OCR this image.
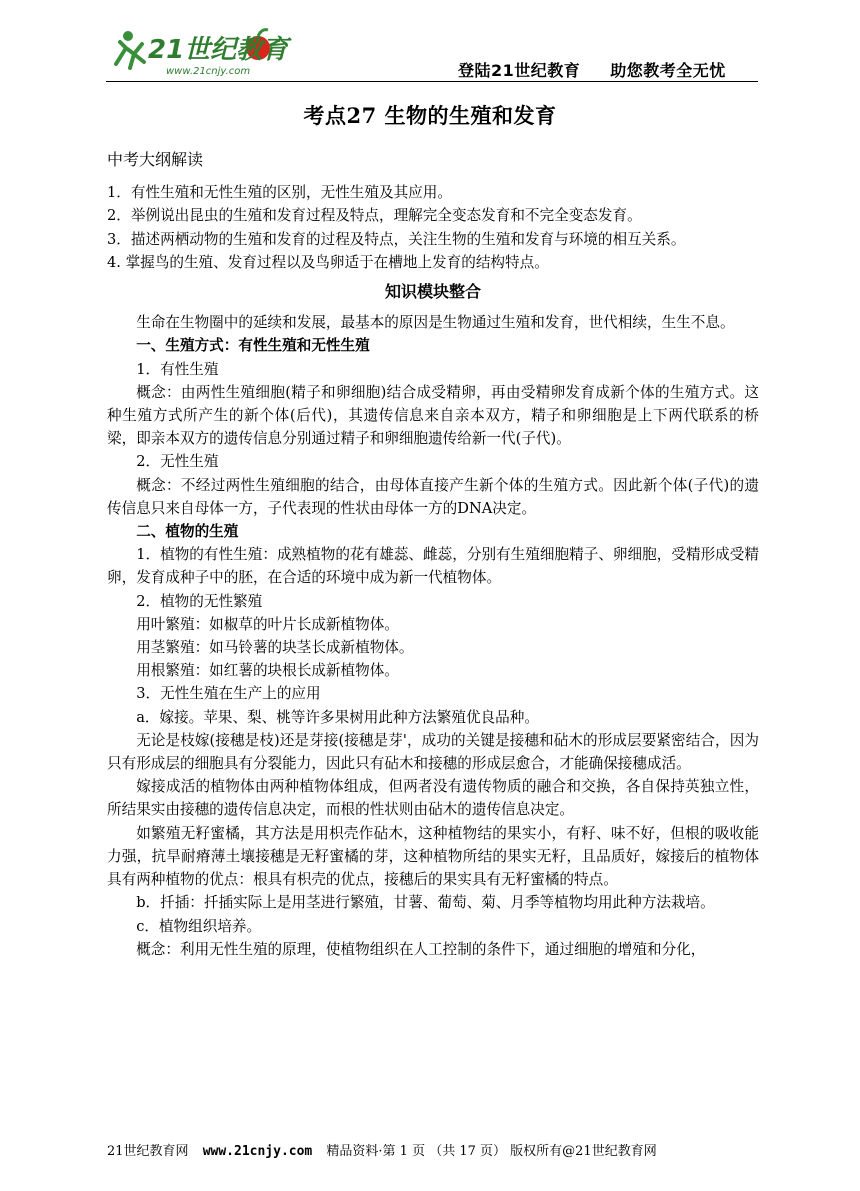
21世纪教育
www.21cnjy.com	登陆21世纪教育 助您教考全无忧
考点27 生物的生殖和发育
中考大纲解读

1．有性生殖和无性生殖的区别，无性生殖及其应用。

2．举例说出昆虫的生殖和发育过程及特点，理解完全变态发育和不完全变态发育。

3．描述两栖动物的生殖和发育的过程及特点，关注生物的生殖和发育与环境的相互关系。

4. 掌握鸟的生殖、发育过程以及鸟卵适于在槽地上发育的结构特点。

知识模块整合

生命在生物圈中的延续和发展，最基本的原因是生物通过生殖和发育，世代相续，生生不息。

一、生殖方式：有性生殖和无性生殖

1．有性生殖

概念：由两性生殖细胞(精子和卵细胞)结合成受精卵，再由受精卵发育成新个体的生殖方式。这种生殖方式所产生的新个体(后代)，其遗传信息来自亲本双方，精子和卵细胞是上下两代联系的桥梁，即亲本双方的遗传信息分别通过精子和卵细胞遗传给新一代(子代)。

2．无性生殖

概念：不经过两性生殖细胞的结合，由母体直接产生新个体的生殖方式。因此新个体(子代)的遗传信息只来自母体一方，子代表现的性状由母体一方的DNA决定。

二、植物的生殖

1．植物的有性生殖：成熟植物的花有雄蕊、雌蕊，分别有生殖细胞精子、卵细胞，受精形成受精卵，发育成种子中的胚，在合适的环境中成为新一代植物体。

2．植物的无性繁殖

用叶繁殖：如椒草的叶片长成新植物体。

用茎繁殖：如马铃薯的块茎长成新植物体。

用根繁殖：如红薯的块根长成新植物体。

3．无性生殖在生产上的应用

a．嫁接。苹果、梨、桃等许多果树用此种方法繁殖优良品种。

无论是枝嫁(接穗是枝)还是芽接(接穗是芽'，成功的关键是接穗和砧木的形成层要紧密结合，因为只有形成层的细胞具有分裂能力，因此只有砧木和接穗的形成层愈合，才能确保接穗成活。

嫁接成活的植物体由两种植物体组成，但两者没有遗传物质的融合和交换，各自保持英独立性，所结果实由接穗的遗传信息决定，而根的性状则由砧木的遗传信息决定。

如繁殖无籽蜜橘，其方法是用枳壳作砧木，这种植物结的果实小，有籽、味不好，但根的吸收能力强，抗旱耐瘠薄土壤接穗是无籽蜜橘的芽，这种植物所结的果实无籽，且品质好，嫁接后的植物体具有两种植物的优点：根具有枳壳的优点，接穗后的果实具有无籽蜜橘的特点。

b．扦插：扦插实际上是用茎进行繁殖，甘薯、葡萄、菊、月季等植物均用此种方法栽培。

c．植物组织培养。

概念：利用无性生殖的原理，使植物组织在人工控制的条件下，通过细胞的增殖和分化，

21世纪教育网 www.21cnjy.com 精品资料·第 1 页 （共 17 页） 版权所有@21世纪教育网
